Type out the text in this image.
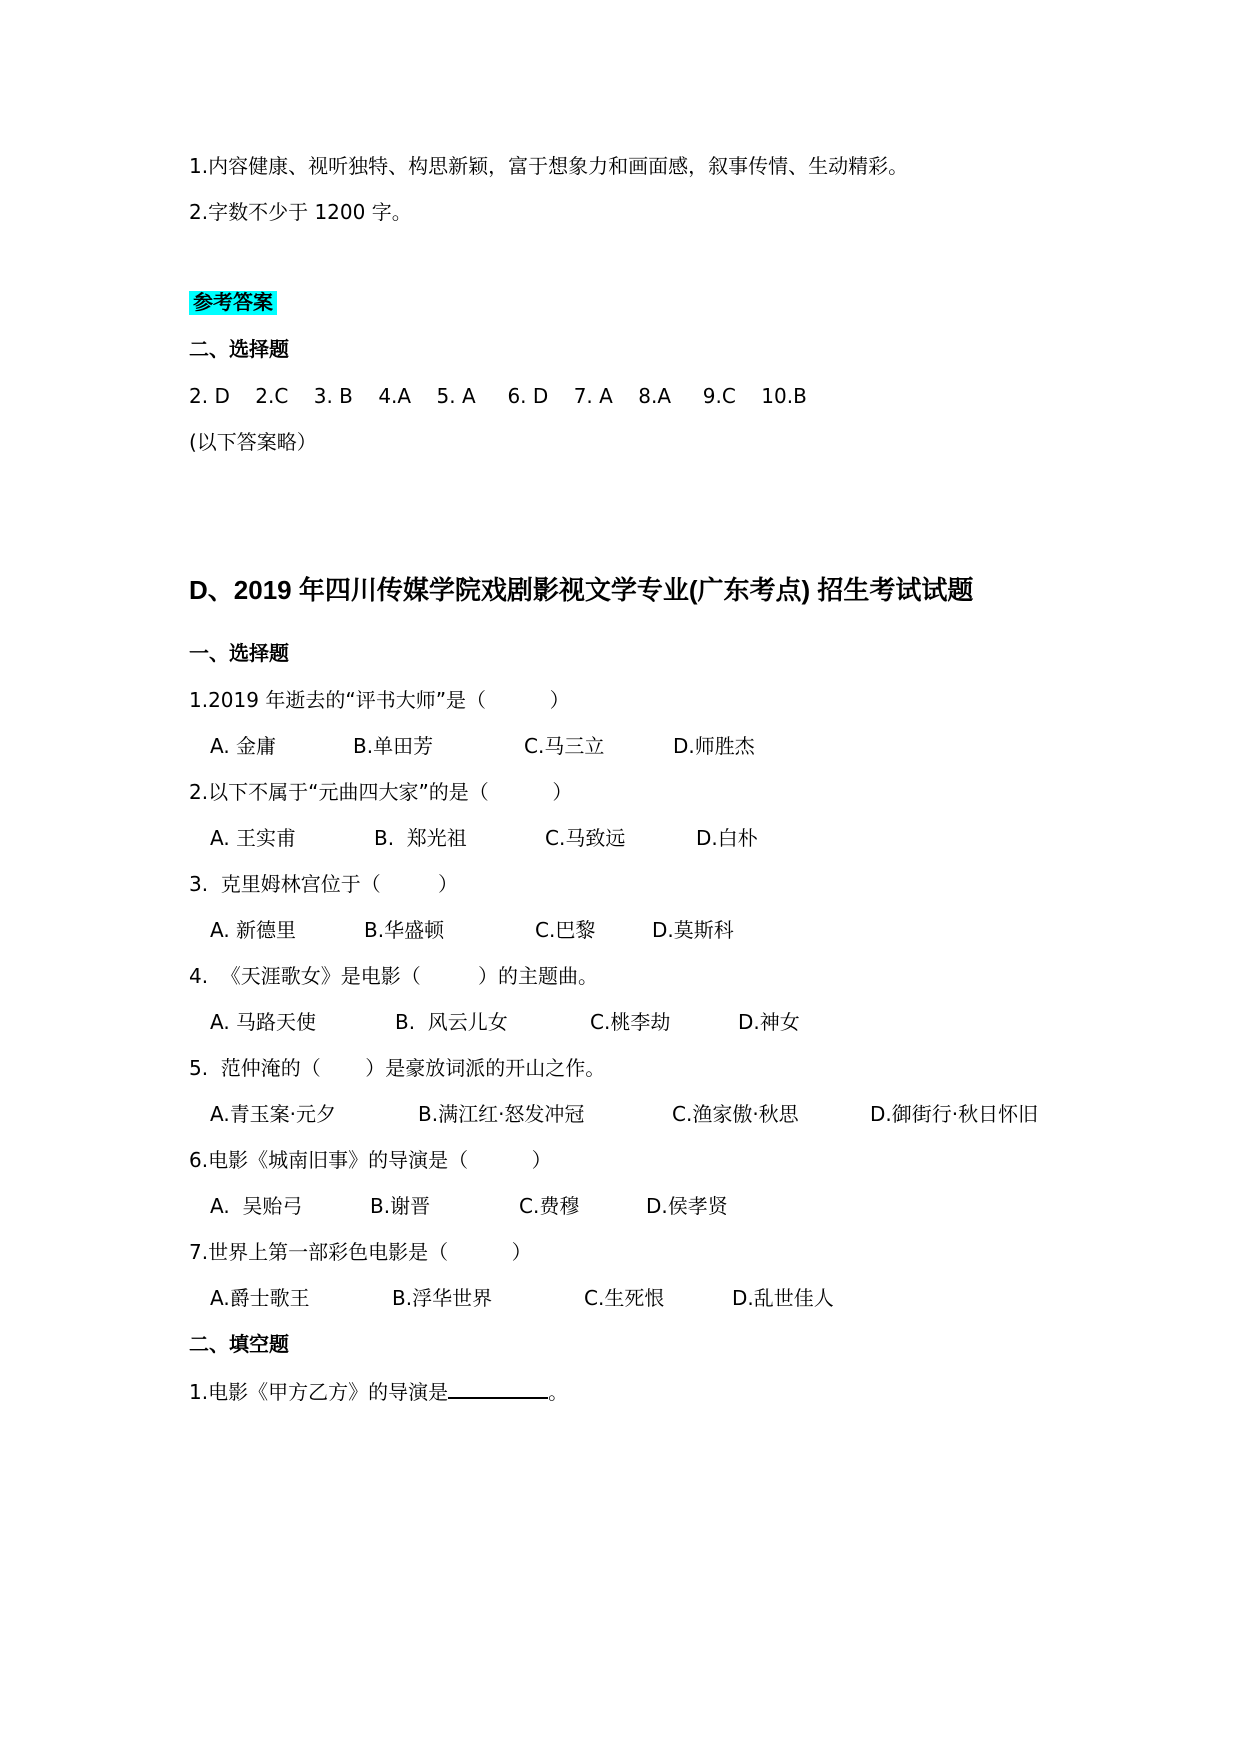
1.内容健康、视听独特、构思新颖，富于想象力和画面感，叙事传情、生动精彩。
2.字数不少于 1200 字。
参考答案
二、选择题
2. D    2.C    3. B    4.A    5. A     6. D    7. A    8.A     9.C    10.B
(以下答案略）
D、2019 年四川传媒学院戏剧影视文学专业(广东考点) 招生考试试题
一、选择题
1.2019 年逝去的“评书大师”是（          ）
A. 金庸	B.单田芳	C.马三立	D.师胜杰
2.以下不属于“元曲四大家”的是（          ）
A. 王实甫	B.  郑光祖	C.马致远	D.白朴
3.  克里姆林宫位于（         ）
A. 新德里	B.华盛顿	C.巴黎	D.莫斯科
4.  《天涯歌女》是电影（         ）的主题曲。
A. 马路天使	B.  风云儿女	C.桃李劫	D.神女
5.  范仲淹的（       ）是豪放词派的开山之作。
A.青玉案·元夕	B.满江红·怒发冲冠	C.渔家傲·秋思	D.御街行·秋日怀旧
6.电影《城南旧事》的导演是（          ）
A.  吴贻弓	B.谢晋	C.费穆	D.侯孝贤
7.世界上第一部彩色电影是（          ）
A.爵士歌王	B.浮华世界	C.生死恨	D.乱世佳人
二、填空题
1.电影《甲方乙方》的导演是	。
